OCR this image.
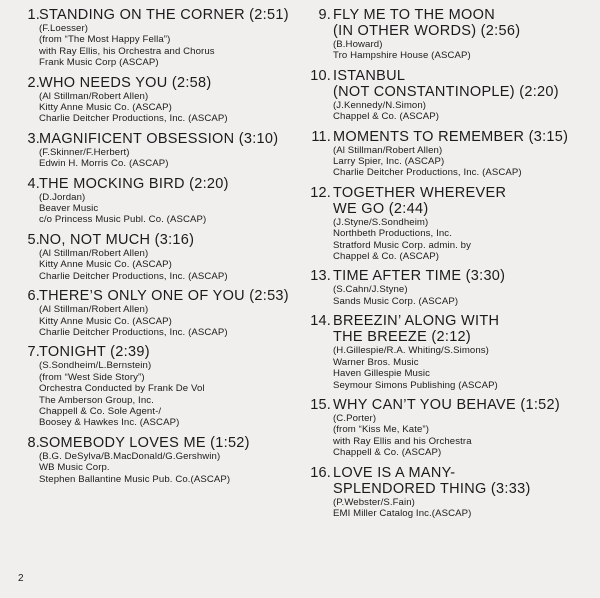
1. STANDING ON THE CORNER (2:51)
(F.Loesser)
(from “The Most Happy Fella”)
with Ray Ellis, his Orchestra and Chorus
Frank Music Corp (ASCAP)
2. WHO NEEDS YOU (2:58)
(Al Stillman/Robert Allen)
Kitty Anne Music Co. (ASCAP)
Charlie Deitcher Productions, Inc. (ASCAP)
3. MAGNIFICENT OBSESSION (3:10)
(F.Skinner/F.Herbert)
Edwin H. Morris Co. (ASCAP)
4. THE MOCKING BIRD (2:20)
(D.Jordan)
Beaver Music
c/o Princess Music Publ. Co. (ASCAP)
5. NO, NOT MUCH (3:16)
(Al Stillman/Robert Allen)
Kitty Anne Music Co. (ASCAP)
Charlie Deitcher Productions, Inc. (ASCAP)
6. THERE’S ONLY ONE OF YOU (2:53)
(Al Stillman/Robert Allen)
Kitty Anne Music Co. (ASCAP)
Charlie Deitcher Productions, Inc. (ASCAP)
7. TONIGHT (2:39)
(S.Sondheim/L.Bernstein)
(from “West Side Story”)
Orchestra Conducted by Frank De Vol
The Amberson Group, Inc.
Chappell & Co. Sole Agent-/
Boosey & Hawkes Inc. (ASCAP)
8. SOMEBODY LOVES ME (1:52)
(B.G. DeSylva/B.MacDonald/G.Gershwin)
WB Music Corp.
Stephen Ballantine Music Pub. Co.(ASCAP)
9. FLY ME TO THE MOON
(IN OTHER WORDS) (2:56)
(B.Howard)
Tro Hampshire House (ASCAP)
10. ISTANBUL
(NOT CONSTANTINOPLE) (2:20)
(J.Kennedy/N.Simon)
Chappel & Co. (ASCAP)
11. MOMENTS TO REMEMBER (3:15)
(Al Stillman/Robert Allen)
Larry Spier, Inc. (ASCAP)
Charlie Deitcher Productions, Inc. (ASCAP)
12. TOGETHER WHEREVER
WE GO (2:44)
(J.Styne/S.Sondheim)
Northbeth Productions, Inc.
Stratford Music Corp. admin. by
Chappel & Co. (ASCAP)
13. TIME AFTER TIME (3:30)
(S.Cahn/J.Styne)
Sands Music Corp. (ASCAP)
14. BREEZIN’ ALONG WITH
THE BREEZE (2:12)
(H.Gillespie/R.A. Whiting/S.Simons)
Warner Bros. Music
Haven Gillespie Music
Seymour Simons Publishing (ASCAP)
15. WHY CAN’T YOU BEHAVE (1:52)
(C.Porter)
(from “Kiss Me, Kate”)
with Ray Ellis and his Orchestra
Chappell & Co. (ASCAP)
16. LOVE IS A MANY-
SPLENDORED THING (3:33)
(P.Webster/S.Fain)
EMI Miller Catalog Inc.(ASCAP)
2
